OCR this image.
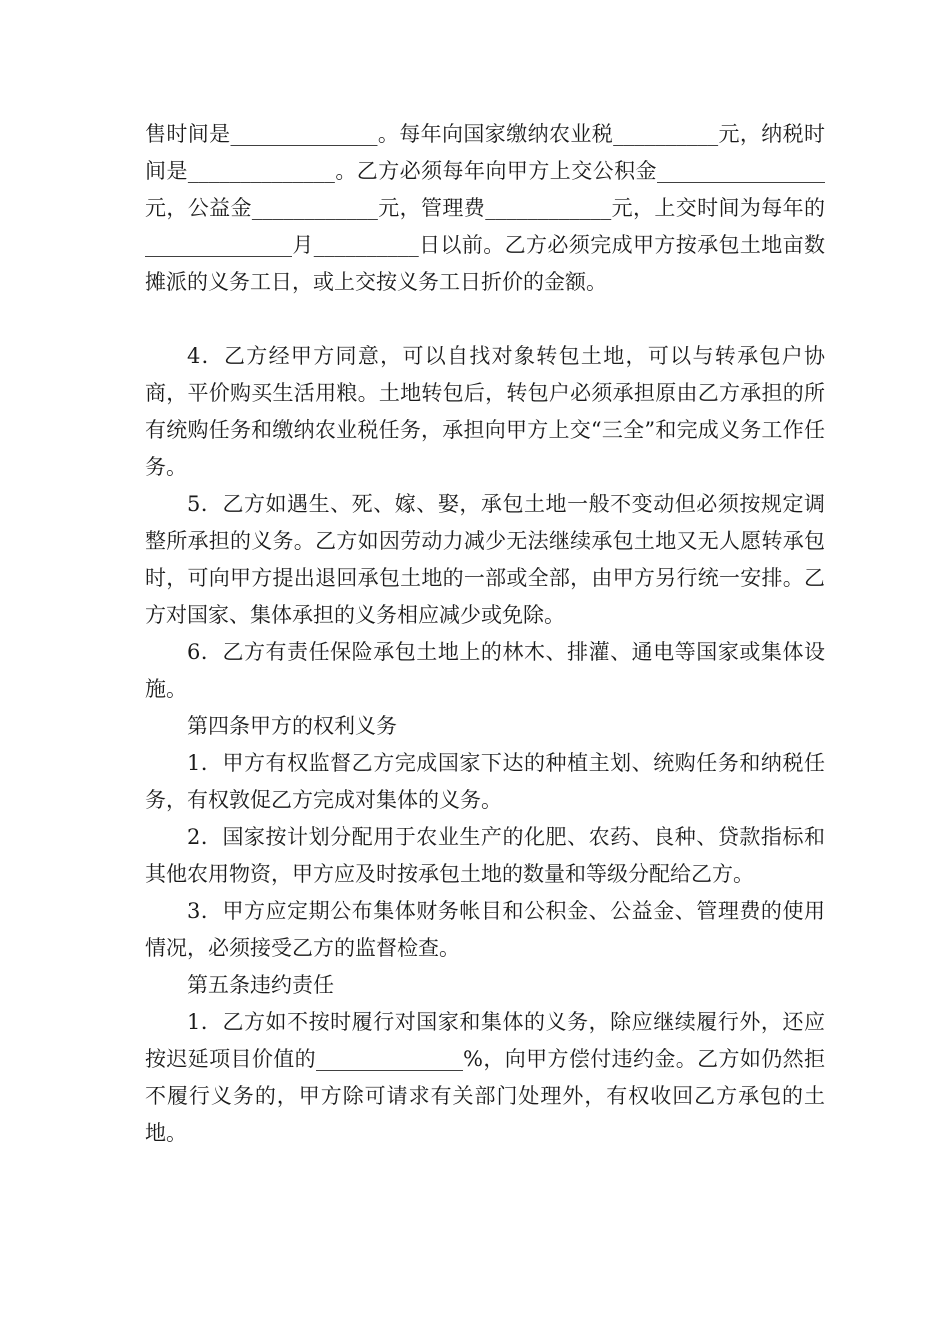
售时间是______________。每年向国家缴纳农业税__________元，纳税时间是______________。乙方必须每年向甲方上交公积金________________元，公益金____________元，管理费____________元，上交时间为每年的______________月__________日以前。乙方必须完成甲方按承包土地亩数摊派的义务工日，或上交按义务工日折价的金额。

4．乙方经甲方同意，可以自找对象转包土地，可以与转承包户协商，平价购买生活用粮。土地转包后，转包户必须承担原由乙方承担的所有统购任务和缴纳农业税任务，承担向甲方上交“三全”和完成义务工作任务。

5．乙方如遇生、死、嫁、娶，承包土地一般不变动但必须按规定调整所承担的义务。乙方如因劳动力减少无法继续承包土地又无人愿转承包时，可向甲方提出退回承包土地的一部或全部，由甲方另行统一安排。乙方对国家、集体承担的义务相应减少或免除。

6．乙方有责任保险承包土地上的林木、排灌、通电等国家或集体设施。

第四条甲方的权利义务

1．甲方有权监督乙方完成国家下达的种植主划、统购任务和纳税任务，有权敦促乙方完成对集体的义务。

2．国家按计划分配用于农业生产的化肥、农药、良种、贷款指标和其他农用物资，甲方应及时按承包土地的数量和等级分配给乙方。

3．甲方应定期公布集体财务帐目和公积金、公益金、管理费的使用情况，必须接受乙方的监督检查。

第五条违约责任

1．乙方如不按时履行对国家和集体的义务，除应继续履行外，还应按迟延项目价值的______________%，向甲方偿付违约金。乙方如仍然拒不履行义务的，甲方除可请求有关部门处理外，有权收回乙方承包的土地。
